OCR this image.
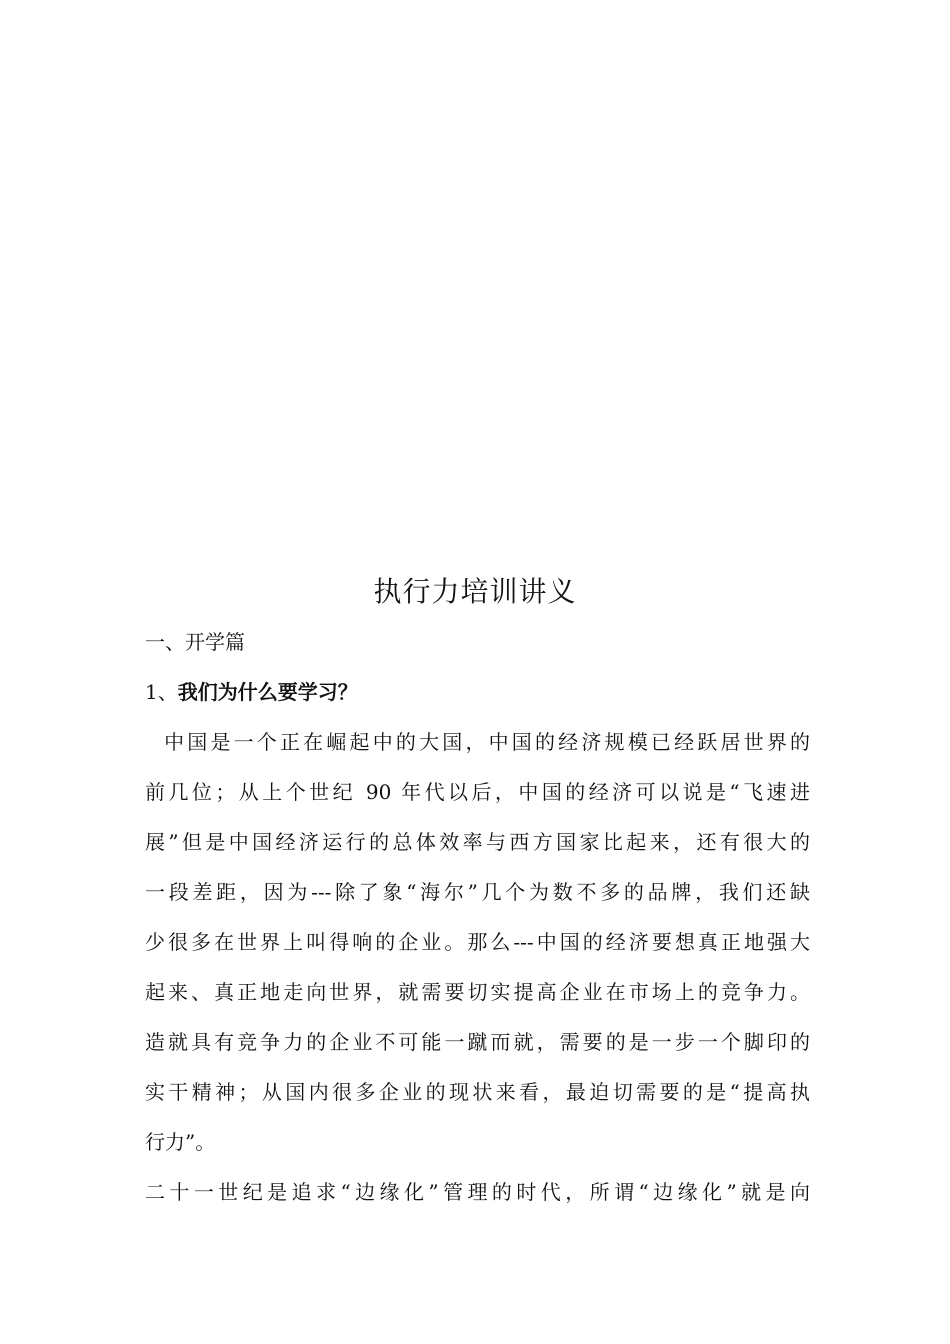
执行力培训讲义
一、开学篇
1、我们为什么要学习？
中国是一个正在崛起中的大国，中国的经济规模已经跃居世界的
前几位；从上个世纪 90 年代以后，中国的经济可以说是“飞速进
展”但是中国经济运行的总体效率与西方国家比起来，还有很大的
一段差距，因为---除了象“海尔”几个为数不多的品牌，我们还缺
少很多在世界上叫得响的企业。那么---中国的经济要想真正地强大
起来、真正地走向世界，就需要切实提高企业在市场上的竞争力。
造就具有竞争力的企业不可能一蹴而就，需要的是一步一个脚印的
实干精神；从国内很多企业的现状来看，最迫切需要的是“提高执
行力”。
二十一世纪是追求“边缘化”管理的时代，所谓“边缘化”就是向
